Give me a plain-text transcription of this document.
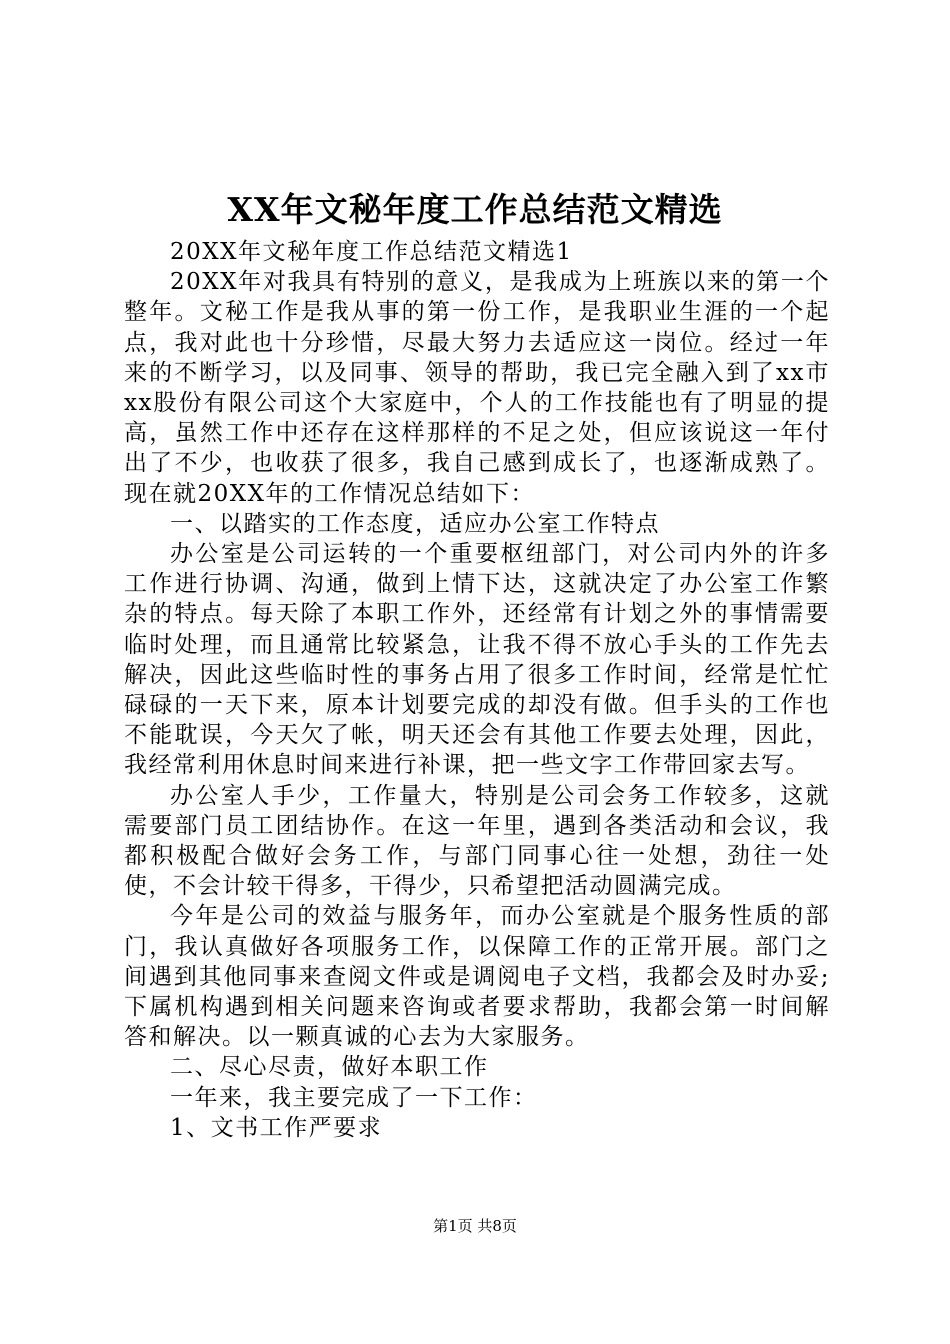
XX年文秘年度工作总结范文精选

20XX年文秘年度工作总结范文精选1

20XX年对我具有特别的意义，是我成为上班族以来的第一个整年。文秘工作是我从事的第一份工作，是我职业生涯的一个起点，我对此也十分珍惜，尽最大努力去适应这一岗位。经过一年来的不断学习，以及同事、领导的帮助，我已完全融入到了xx市xx股份有限公司这个大家庭中，个人的工作技能也有了明显的提高，虽然工作中还存在这样那样的不足之处，但应该说这一年付出了不少，也收获了很多，我自己感到成长了，也逐渐成熟了。现在就20XX年的工作情况总结如下：

一、以踏实的工作态度，适应办公室工作特点

办公室是公司运转的一个重要枢纽部门，对公司内外的许多工作进行协调、沟通，做到上情下达，这就决定了办公室工作繁杂的特点。每天除了本职工作外，还经常有计划之外的事情需要临时处理，而且通常比较紧急，让我不得不放心手头的工作先去解决，因此这些临时性的事务占用了很多工作时间，经常是忙忙碌碌的一天下来，原本计划要完成的却没有做。但手头的工作也不能耽误，今天欠了帐，明天还会有其他工作要去处理，因此，我经常利用休息时间来进行补课，把一些文字工作带回家去写。

办公室人手少，工作量大，特别是公司会务工作较多，这就需要部门员工团结协作。在这一年里，遇到各类活动和会议，我都积极配合做好会务工作，与部门同事心往一处想，劲往一处使，不会计较干得多，干得少，只希望把活动圆满完成。

今年是公司的效益与服务年，而办公室就是个服务性质的部门，我认真做好各项服务工作，以保障工作的正常开展。部门之间遇到其他同事来查阅文件或是调阅电子文档，我都会及时办妥;下属机构遇到相关问题来咨询或者要求帮助，我都会第一时间解答和解决。以一颗真诚的心去为大家服务。

二、尽心尽责，做好本职工作

一年来，我主要完成了一下工作：

1、文书工作严要求

第1页 共8页
